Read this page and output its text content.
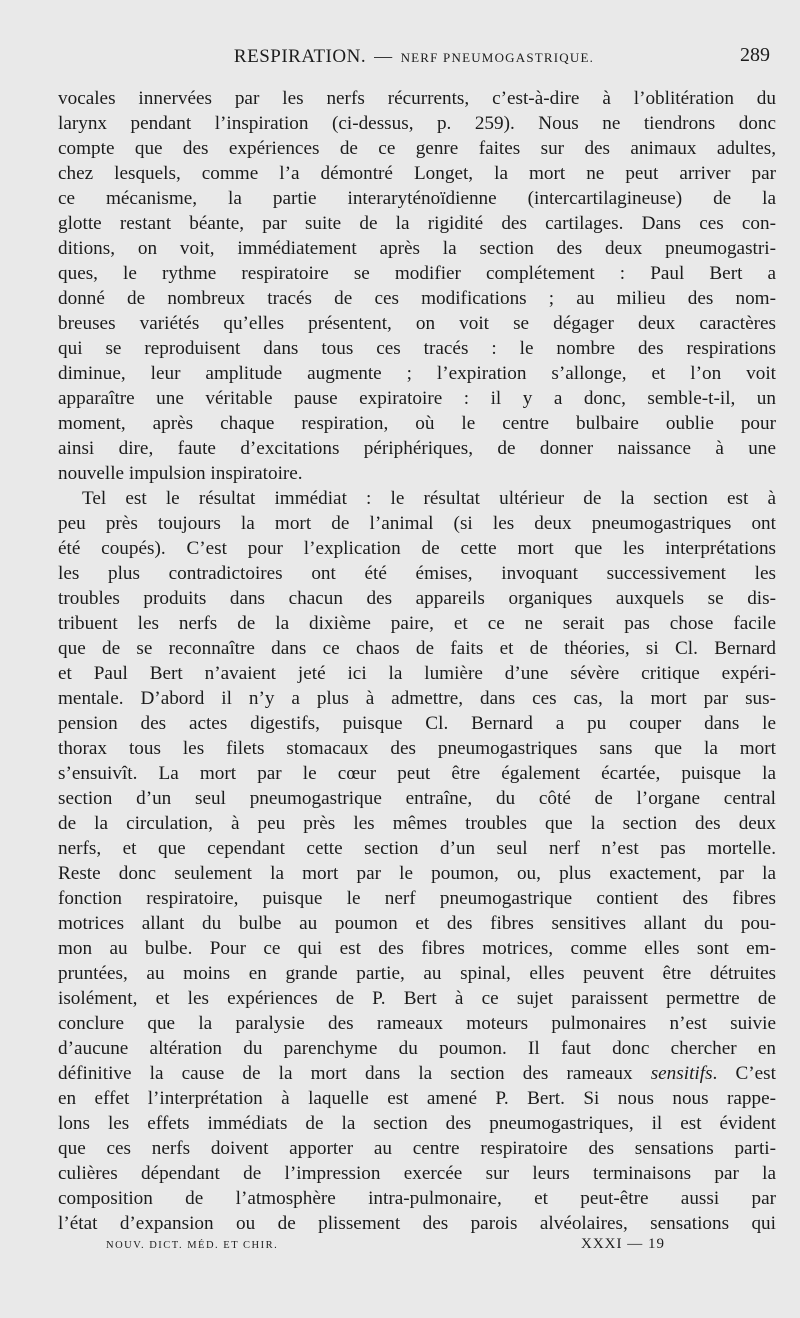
RESPIRATION. — NERF PNEUMOGASTRIQUE.	289
vocales innervées par les nerfs récurrents, c’est-à-dire à l’oblitération du
larynx pendant l’inspiration (ci-dessus, p. 259). Nous ne tiendrons donc
compte que des expériences de ce genre faites sur des animaux adultes,
chez lesquels, comme l’a démontré Longet, la mort ne peut arriver par
ce mécanisme, la partie interaryténoïdienne (intercartilagineuse) de la
glotte restant béante, par suite de la rigidité des cartilages. Dans ces con-
ditions, on voit, immédiatement après la section des deux pneumogastri-
ques, le rythme respiratoire se modifier complétement : Paul Bert a
donné de nombreux tracés de ces modifications ; au milieu des nom-
breuses variétés qu’elles présentent, on voit se dégager deux caractères
qui se reproduisent dans tous ces tracés : le nombre des respirations
diminue, leur amplitude augmente ; l’expiration s’allonge, et l’on voit
apparaître une véritable pause expiratoire : il y a donc, semble-t-il, un
moment, après chaque respiration, où le centre bulbaire oublie pour
ainsi dire, faute d’excitations périphériques, de donner naissance à une
nouvelle impulsion inspiratoire.
Tel est le résultat immédiat : le résultat ultérieur de la section est à
peu près toujours la mort de l’animal (si les deux pneumogastriques ont
été coupés). C’est pour l’explication de cette mort que les interprétations
les plus contradictoires ont été émises, invoquant successivement les
troubles produits dans chacun des appareils organiques auxquels se dis-
tribuent les nerfs de la dixième paire, et ce ne serait pas chose facile
que de se reconnaître dans ce chaos de faits et de théories, si Cl. Bernard
et Paul Bert n’avaient jeté ici la lumière d’une sévère critique expéri-
mentale. D’abord il n’y a plus à admettre, dans ces cas, la mort par sus-
pension des actes digestifs, puisque Cl. Bernard a pu couper dans le
thorax tous les filets stomacaux des pneumogastriques sans que la mort
s’ensuivît. La mort par le cœur peut être également écartée, puisque la
section d’un seul pneumogastrique entraîne, du côté de l’organe central
de la circulation, à peu près les mêmes troubles que la section des deux
nerfs, et que cependant cette section d’un seul nerf n’est pas mortelle.
Reste donc seulement la mort par le poumon, ou, plus exactement, par la
fonction respiratoire, puisque le nerf pneumogastrique contient des fibres
motrices allant du bulbe au poumon et des fibres sensitives allant du pou-
mon au bulbe. Pour ce qui est des fibres motrices, comme elles sont em-
pruntées, au moins en grande partie, au spinal, elles peuvent être détruites
isolément, et les expériences de P. Bert à ce sujet paraissent permettre de
conclure que la paralysie des rameaux moteurs pulmonaires n’est suivie
d’aucune altération du parenchyme du poumon. Il faut donc chercher en
définitive la cause de la mort dans la section des rameaux sensitifs. C’est
en effet l’interprétation à laquelle est amené P. Bert. Si nous nous rappe-
lons les effets immédiats de la section des pneumogastriques, il est évident
que ces nerfs doivent apporter au centre respiratoire des sensations parti-
culières dépendant de l’impression exercée sur leurs terminaisons par la
composition de l’atmosphère intra-pulmonaire, et peut-être aussi par
l’état d’expansion ou de plissement des parois alvéolaires, sensations qui
NOUV. DICT. MÉD. ET CHIR.	XXXI — 19
